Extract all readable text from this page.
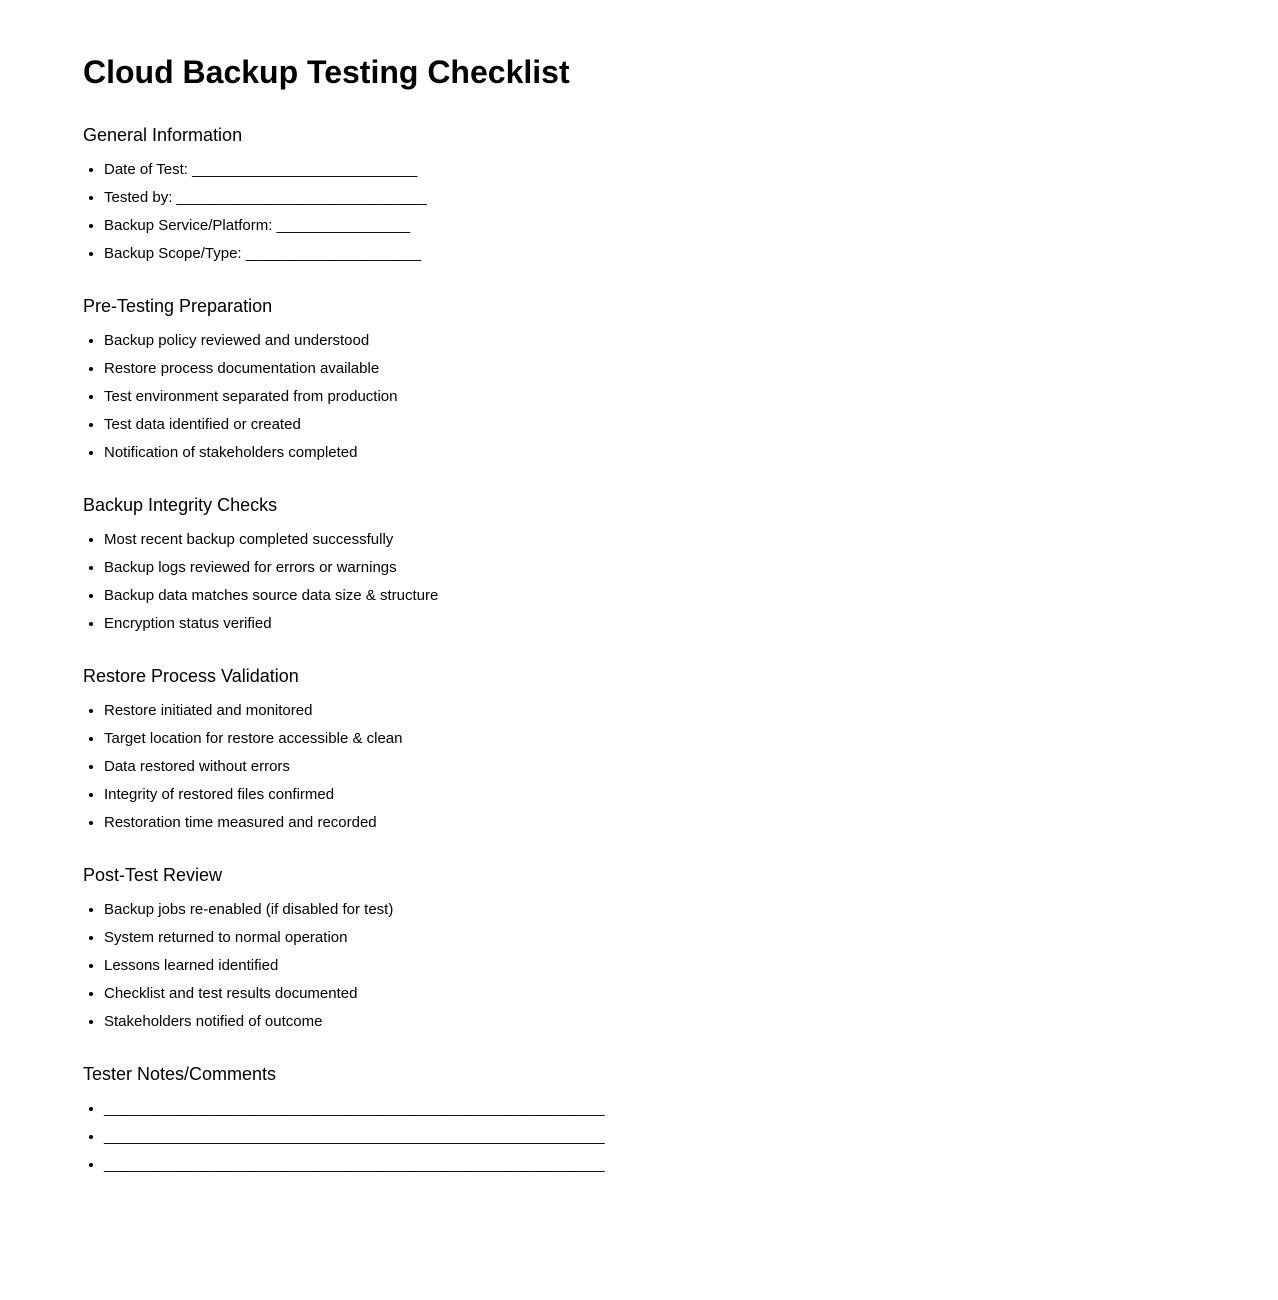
Cloud Backup Testing Checklist
General Information
• Date of Test: ___________________________
• Tested by: ______________________________
• Backup Service/Platform: ________________
• Backup Scope/Type: _____________________
Pre-Testing Preparation
• Backup policy reviewed and understood
• Restore process documentation available
• Test environment separated from production
• Test data identified or created
• Notification of stakeholders completed
Backup Integrity Checks
• Most recent backup completed successfully
• Backup logs reviewed for errors or warnings
• Backup data matches source data size & structure
• Encryption status verified
Restore Process Validation
• Restore initiated and monitored
• Target location for restore accessible & clean
• Data restored without errors
• Integrity of restored files confirmed
• Restoration time measured and recorded
Post-Test Review
• Backup jobs re-enabled (if disabled for test)
• System returned to normal operation
• Lessons learned identified
• Checklist and test results documented
• Stakeholders notified of outcome
Tester Notes/Comments
• ____________________________________________________________
• ____________________________________________________________
• ____________________________________________________________
